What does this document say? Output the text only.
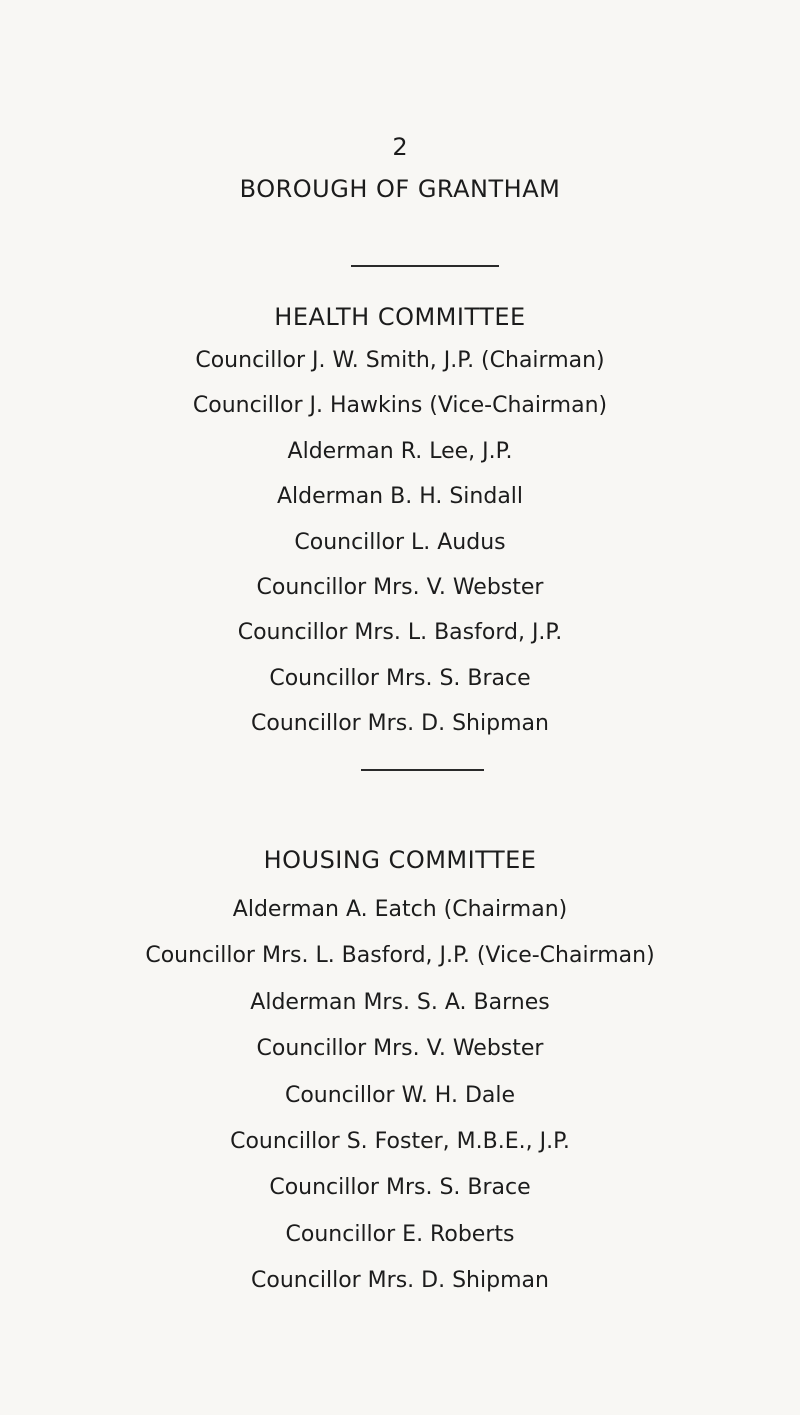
2
BOROUGH OF GRANTHAM
HEALTH COMMITTEE
Councillor J. W. Smith, J.P. (Chairman)
Councillor J. Hawkins (Vice-Chairman)
Alderman R. Lee, J.P.
Alderman B. H. Sindall
Councillor L. Audus
Councillor Mrs. V. Webster
Councillor Mrs. L. Basford, J.P.
Councillor Mrs. S. Brace
Councillor Mrs. D. Shipman
HOUSING COMMITTEE
Alderman A. Eatch (Chairman)
Councillor Mrs. L. Basford, J.P. (Vice-Chairman)
Alderman Mrs. S. A. Barnes
Councillor Mrs. V. Webster
Councillor W. H. Dale
Councillor S. Foster, M.B.E., J.P.
Councillor Mrs. S. Brace
Councillor E. Roberts
Councillor Mrs. D. Shipman
